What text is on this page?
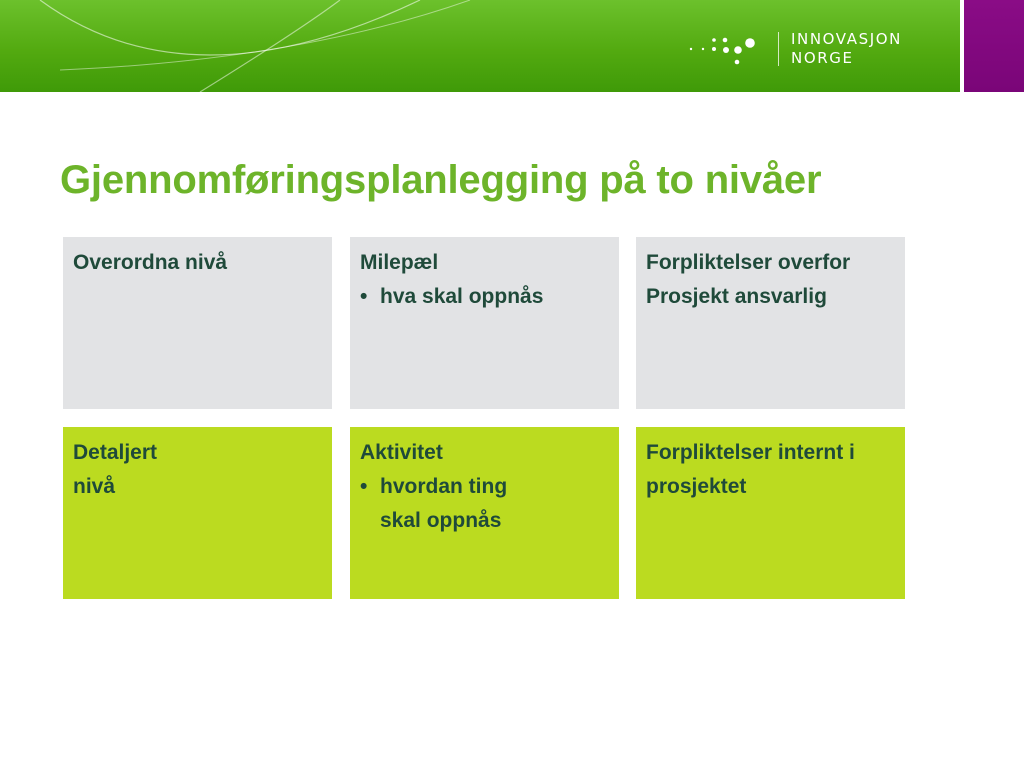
INNOVASJON
NORGE
Gjennomføringsplanlegging på to nivåer
Overordna nivå	Milepæl
• hva skal oppnås
Forpliktelser overfor
Prosjekt ansvarlig
Detaljert
nivå
Aktivitet
• hvordan ting
skal oppnås
Forpliktelser internt i
prosjektet
